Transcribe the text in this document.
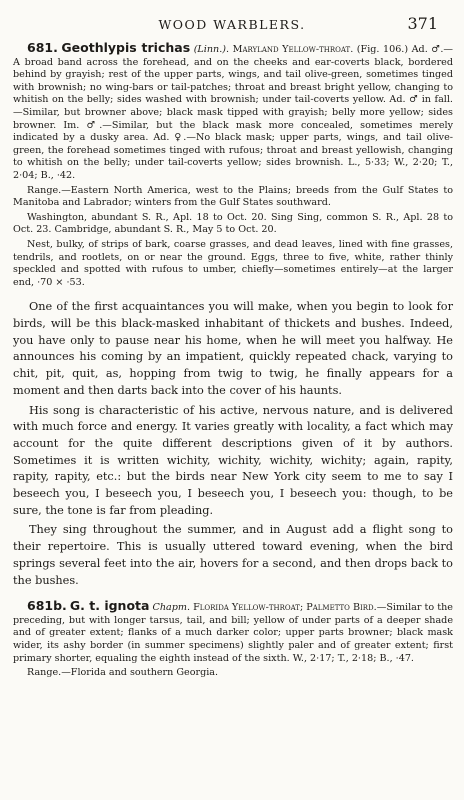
WOOD WARBLERS.	371

681. Geothlypis trichas (Linn.). Maryland Yellow-throat. (Fig. 106.) Ad. ♂.—A broad band across the forehead, and on the cheeks and ear-coverts black, bordered behind by grayish; rest of the upper parts, wings, and tail olive-green, sometimes tinged with brownish; no wing-bars or tail-patches; throat and breast bright yellow, changing to whitish on the belly; sides washed with brownish; under tail-coverts yellow. Ad. ♂ in fall.—Similar, but browner above; black mask tipped with grayish; belly more yellow; sides browner. Im. ♂.—Similar, but the black mask more concealed, sometimes merely indicated by a dusky area. Ad. ♀.—No black mask; upper parts, wings, and tail olive-green, the forehead sometimes tinged with rufous; throat and breast yellowish, changing to whitish on the belly; under tail-coverts yellow; sides brownish. L., 5·33; W., 2·20; T., 2·04; B., ·42.

Range.—Eastern North America, west to the Plains; breeds from the Gulf States to Manitoba and Labrador; winters from the Gulf States southward.

Washington, abundant S. R., Apl. 18 to Oct. 20. Sing Sing, common S. R., Apl. 28 to Oct. 23. Cambridge, abundant S. R., May 5 to Oct. 20.

Nest, bulky, of strips of bark, coarse grasses, and dead leaves, lined with fine grasses, tendrils, and rootlets, on or near the ground. Eggs, three to five, white, rather thinly speckled and spotted with rufous to umber, chiefly—sometimes entirely—at the larger end, ·70 × ·53.

One of the first acquaintances you will make, when you begin to look for birds, will be this black-masked inhabitant of thickets and bushes. Indeed, you have only to pause near his home, when he will meet you halfway. He announces his coming by an impatient, quickly repeated chack, varying to chit, pit, quit, as, hopping from twig to twig, he finally appears for a moment and then darts back into the cover of his haunts.

His song is characteristic of his active, nervous nature, and is delivered with much force and energy. It varies greatly with locality, a fact which may account for the quite different descriptions given of it by authors. Sometimes it is written wichity, wichity, wichity, wichity; again, rapity, rapity, rapity, etc.: but the birds near New York city seem to me to say I beseech you, I beseech you, I beseech you, I beseech you: though, to be sure, the tone is far from pleading.

They sing throughout the summer, and in August add a flight song to their repertoire. This is usually uttered toward evening, when the bird springs several feet into the air, hovers for a second, and then drops back to the bushes.

681b. G. t. ignota Chapm. Florida Yellow-throat; Palmetto Bird.—Similar to the preceding, but with longer tarsus, tail, and bill; yellow of under parts of a deeper shade and of greater extent; flanks of a much darker color; upper parts browner; black mask wider, its ashy border (in summer specimens) slightly paler and of greater extent; first primary shorter, equaling the eighth instead of the sixth. W., 2·17; T., 2·18; B., ·47.

Range.—Florida and southern Georgia.
